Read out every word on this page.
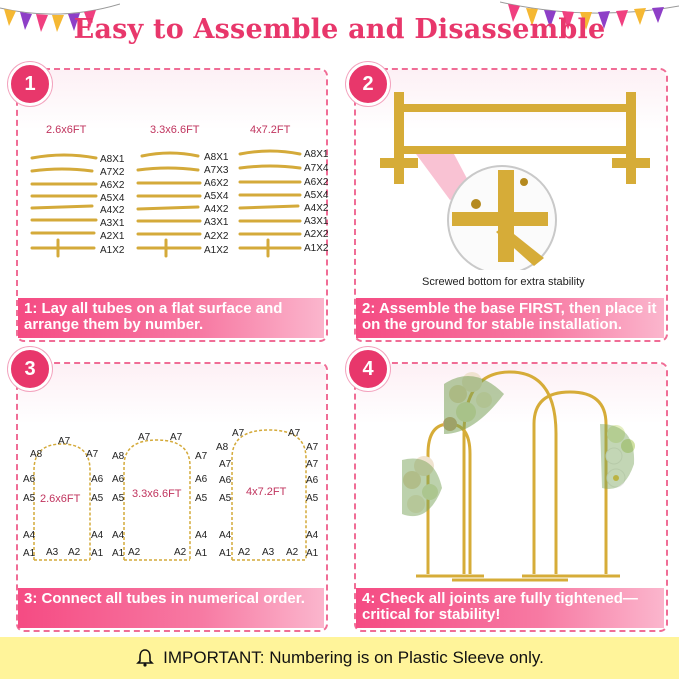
Easy to Assemble and Disassemble
1
2.6x6FT	3.3x6.6FT	4x7.2FT
A8X1
A7X2
A6X2
A5X4
A4X2
A3X1
A2X1
A1X2
A8X1
A7X3
A6X2
A5X4
A4X2
A3X1
A2X2
A1X2
A8X1
A7X4
A6X2
A5X4
A4X2
A3X1
A2X2
A1X2
1: Lay all tubes on a flat surface and arrange them by number.
2
Screwed bottom for extra stability
2: Assemble the base FIRST, then place it on the ground for stable installation.
3
A7
A8
A6
A5
A4
A1
A7
A6
A5
A4
A1
A3 A2
2.6x6FT
A7 A7
A8
A6
A5
A4
A1
A7
A6
A5
A4
A1
A2	A2
3.3x6.6FT
A7	A7
A8
A7
A6
A5
A4
A1
A7
A7
A6
A5
A4
A1
A2 A3 A2
4x7.2FT
3: Connect all tubes in numerical order.
4
4: Check all joints are fully tightened— critical for stability!
IMPORTANT: Numbering is on Plastic Sleeve only.
